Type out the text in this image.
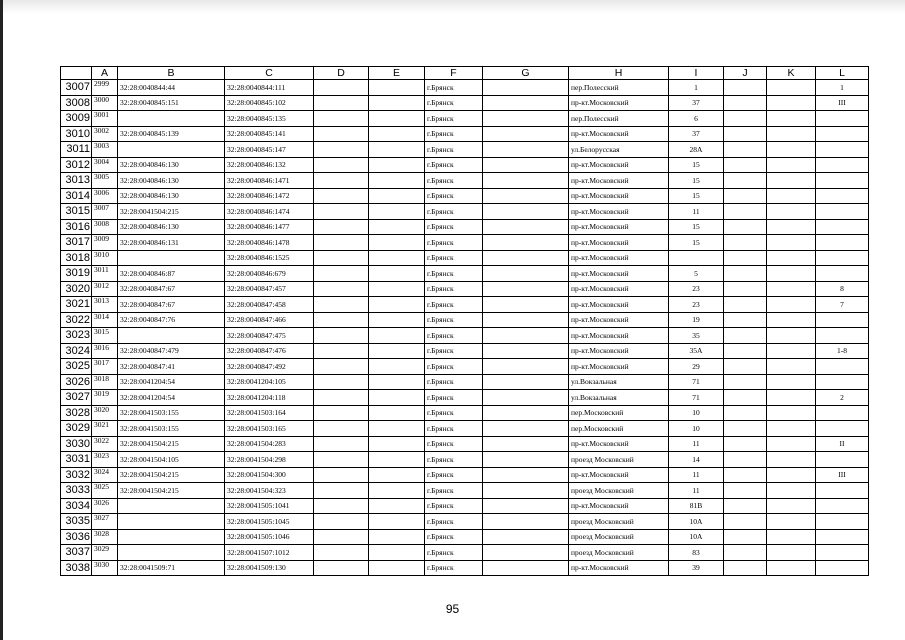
	A	B	C	D	E	F	G	H	I	J	K	L
3007	2999	32:28:0040844:44	32:28:0040844:111			г.Брянск		пер.Полесский	1			1
3008	3000	32:28:0040845:151	32:28:0040845:102			г.Брянск		пр-кт.Московский	37			III
3009	3001		32:28:0040845:135			г.Брянск		пер.Полесский	6			
3010	3002	32:28:0040845:139	32:28:0040845:141			г.Брянск		пр-кт.Московский	37			
3011	3003		32:28:0040845:147			г.Брянск		ул.Белорусская	28А			
3012	3004	32:28:0040846:130	32:28:0040846:132			г.Брянск		пр-кт.Московский	15			
3013	3005	32:28:0040846:130	32:28:0040846:1471			г.Брянск		пр-кт.Московский	15			
3014	3006	32:28:0040846:130	32:28:0040846:1472			г.Брянск		пр-кт.Московский	15			
3015	3007	32:28:0041504:215	32:28:0040846:1474			г.Брянск		пр-кт.Московский	11			
3016	3008	32:28:0040846:130	32:28:0040846:1477			г.Брянск		пр-кт.Московский	15			
3017	3009	32:28:0040846:131	32:28:0040846:1478			г.Брянск		пр-кт.Московский	15			
3018	3010		32:28:0040846:1525			г.Брянск		пр-кт.Московский				
3019	3011	32:28:0040846:87	32:28:0040846:679			г.Брянск		пр-кт.Московский	5			
3020	3012	32:28:0040847:67	32:28:0040847:457			г.Брянск		пр-кт.Московский	23			8
3021	3013	32:28:0040847:67	32:28:0040847:458			г.Брянск		пр-кт.Московский	23			7
3022	3014	32:28:0040847:76	32:28:0040847:466			г.Брянск		пр-кт.Московский	19			
3023	3015		32:28:0040847:475			г.Брянск		пр-кт.Московский	35			
3024	3016	32:28:0040847:479	32:28:0040847:476			г.Брянск		пр-кт.Московский	35А			1-8
3025	3017	32:28:0040847:41	32:28:0040847:492			г.Брянск		пр-кт.Московский	29			
3026	3018	32:28:0041204:54	32:28:0041204:105			г.Брянск		ул.Вокзальная	71			
3027	3019	32:28:0041204:54	32:28:0041204:118			г.Брянск		ул.Вокзальная	71			2
3028	3020	32:28:0041503:155	32:28:0041503:164			г.Брянск		пер.Московский	10			
3029	3021	32:28:0041503:155	32:28:0041503:165			г.Брянск		пер.Московский	10			
3030	3022	32:28:0041504:215	32:28:0041504:283			г.Брянск		пр-кт.Московский	11			II
3031	3023	32:28:0041504:105	32:28:0041504:298			г.Брянск		проезд Московский	14			
3032	3024	32:28:0041504:215	32:28:0041504:300			г.Брянск		пр-кт.Московский	11			III
3033	3025	32:28:0041504:215	32:28:0041504:323			г.Брянск		проезд Московский	11			
3034	3026		32:28:0041505:1041			г.Брянск		пр-кт.Московский	81В			
3035	3027		32:28:0041505:1045			г.Брянск		проезд Московский	10А			
3036	3028		32:28:0041505:1046			г.Брянск		проезд Московский	10А			
3037	3029		32:28:0041507:1012			г.Брянск		проезд Московский	83			
3038	3030	32:28:0041509:71	32:28:0041509:130			г.Брянск		пр-кт.Московский	39			
95
